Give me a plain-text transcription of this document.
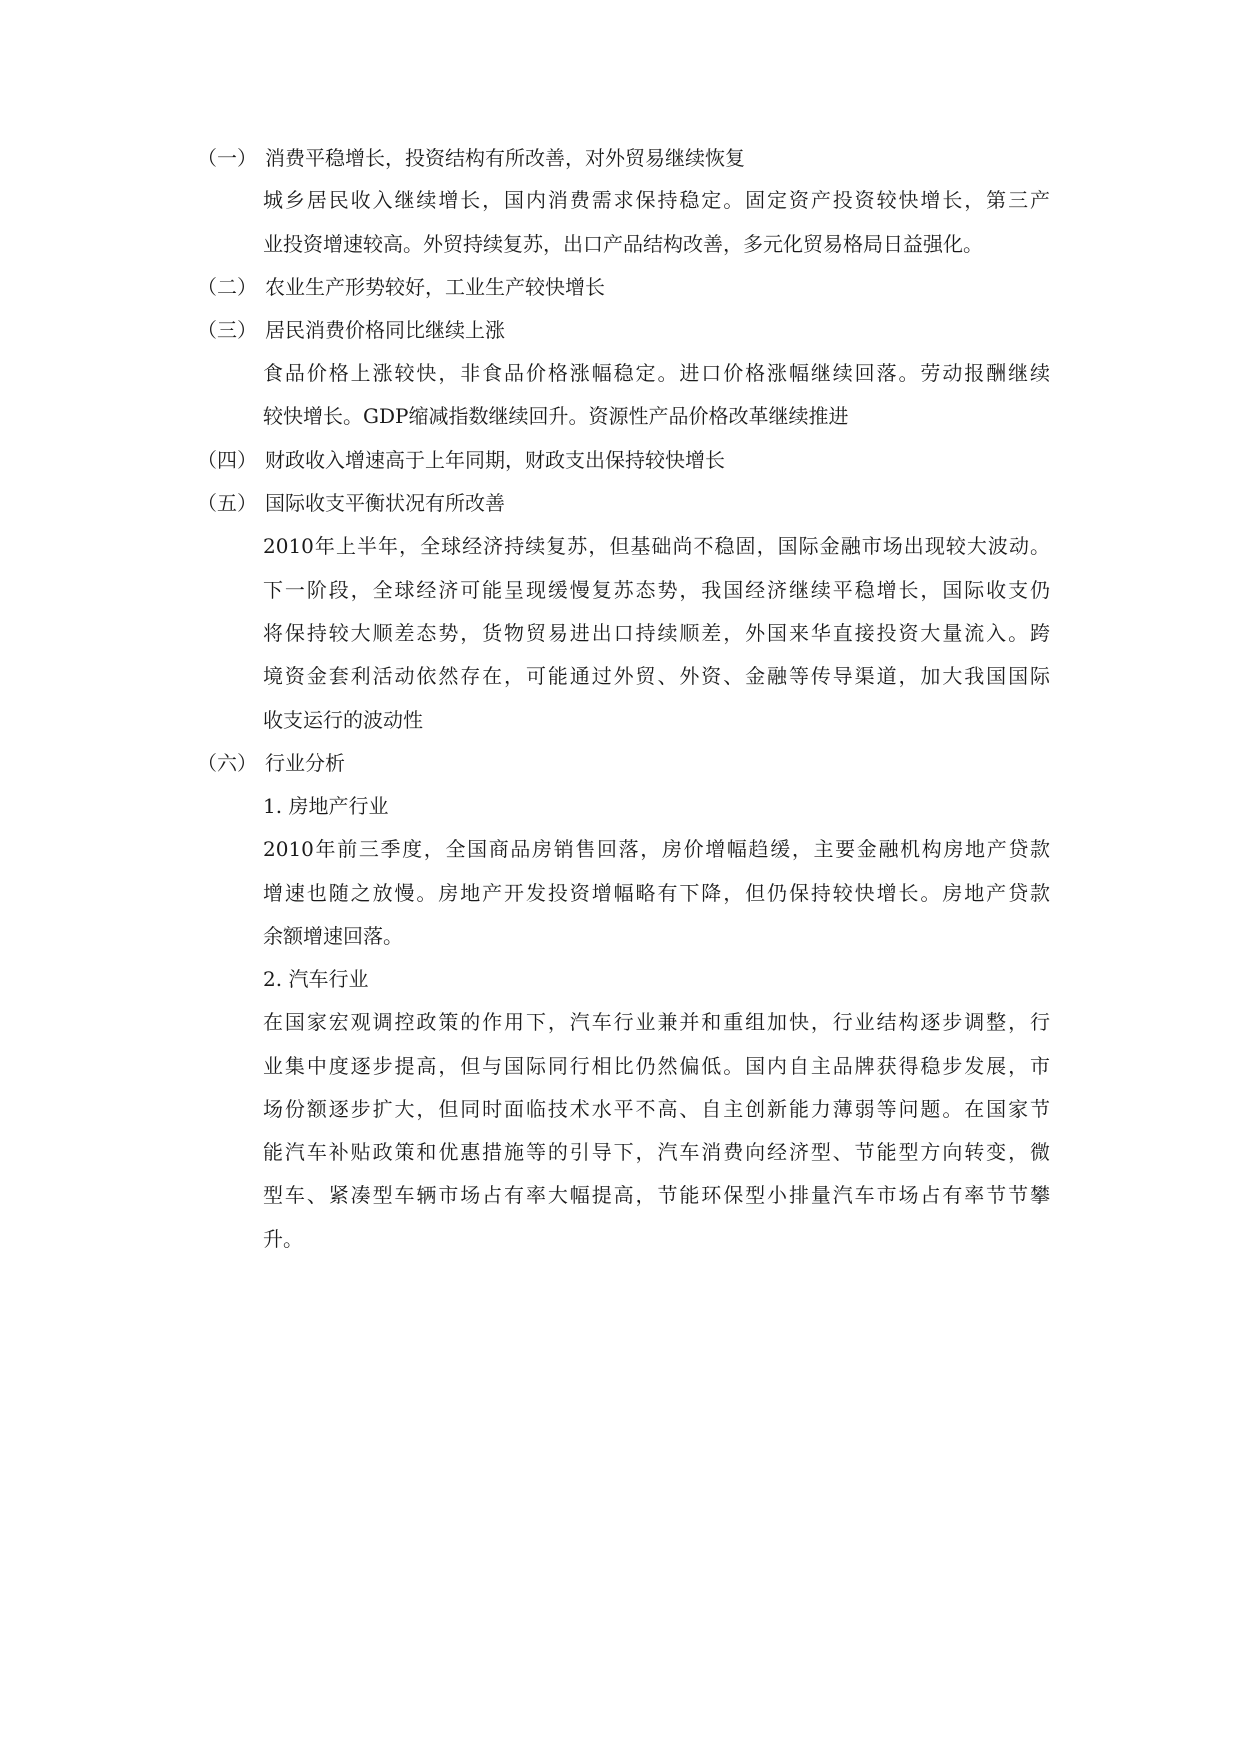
（一） 消费平稳增长，投资结构有所改善，对外贸易继续恢复
城乡居民收入继续增长，国内消费需求保持稳定。固定资产投资较快增长，第三产
业投资增速较高。外贸持续复苏，出口产品结构改善，多元化贸易格局日益强化。
（二） 农业生产形势较好，工业生产较快增长
（三） 居民消费价格同比继续上涨
食品价格上涨较快，非食品价格涨幅稳定。进口价格涨幅继续回落。劳动报酬继续
较快增长。GDP缩减指数继续回升。资源性产品价格改革继续推进
（四） 财政收入增速高于上年同期，财政支出保持较快增长
（五） 国际收支平衡状况有所改善
2010年上半年，全球经济持续复苏，但基础尚不稳固，国际金融市场出现较大波动。
下一阶段，全球经济可能呈现缓慢复苏态势，我国经济继续平稳增长，国际收支仍
将保持较大顺差态势，货物贸易进出口持续顺差，外国来华直接投资大量流入。跨
境资金套利活动依然存在，可能通过外贸、外资、金融等传导渠道，加大我国国际
收支运行的波动性
（六） 行业分析
1. 房地产行业
2010年前三季度，全国商品房销售回落，房价增幅趋缓，主要金融机构房地产贷款
增速也随之放慢。房地产开发投资增幅略有下降，但仍保持较快增长。房地产贷款
余额增速回落。
2. 汽车行业
在国家宏观调控政策的作用下，汽车行业兼并和重组加快，行业结构逐步调整，行
业集中度逐步提高，但与国际同行相比仍然偏低。国内自主品牌获得稳步发展，市
场份额逐步扩大，但同时面临技术水平不高、自主创新能力薄弱等问题。在国家节
能汽车补贴政策和优惠措施等的引导下，汽车消费向经济型、节能型方向转变，微
型车、紧凑型车辆市场占有率大幅提高，节能环保型小排量汽车市场占有率节节攀
升。
